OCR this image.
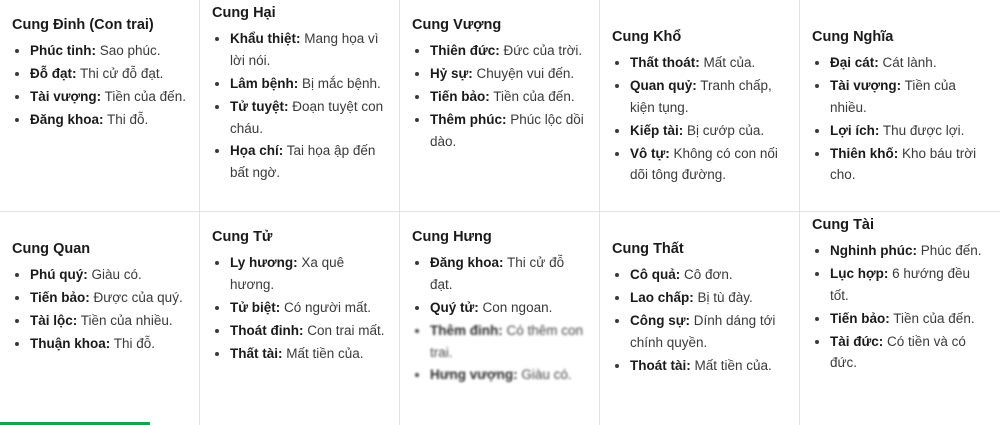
Cung Đinh (Con trai)
• Phúc tinh: Sao phúc.
• Đỗ đạt: Thi cử đỗ đạt.
• Tài vượng: Tiền của đến.
• Đăng khoa: Thi đỗ.
Cung Hại
• Khẩu thiệt: Mang họa vì lời nói.
• Lâm bệnh: Bị mắc bệnh.
• Tử tuyệt: Đoạn tuyệt con cháu.
• Họa chí: Tai họa ập đến bất ngờ.
Cung Vượng
• Thiên đức: Đức của trời.
• Hỷ sự: Chuyện vui đến.
• Tiến bảo: Tiền của đến.
• Thêm phúc: Phúc lộc dồi dào.
Cung Khổ
• Thất thoát: Mất của.
• Quan quỷ: Tranh chấp, kiện tụng.
• Kiếp tài: Bị cướp của.
• Vô tự: Không có con nối dõi tông đường.
Cung Nghĩa
• Đại cát: Cát lành.
• Tài vượng: Tiền của nhiều.
• Lợi ích: Thu được lợi.
• Thiên khố: Kho báu trời cho.
Cung Quan
• Phú quý: Giàu có.
• Tiến bảo: Được của quý.
• Tài lộc: Tiền của nhiều.
• Thuận khoa: Thi đỗ.
Cung Tử
• Ly hương: Xa quê hương.
• Tử biệt: Có người mất.
• Thoát đinh: Con trai mất.
• Thất tài: Mất tiền của.
Cung Hưng
• Đăng khoa: Thi cử đỗ đạt.
• Quý tử: Con ngoan.
• Thêm đinh: Có thêm con trai.
• Hưng vượng: Giàu có.
Cung Thất
• Cô quả: Cô đơn.
• Lao chấp: Bị tù đày.
• Công sự: Dính dáng tới chính quyền.
• Thoát tài: Mất tiền của.
Cung Tài
• Nghinh phúc: Phúc đến.
• Lục hợp: 6 hướng đều tốt.
• Tiến bảo: Tiền của đến.
• Tài đức: Có tiền và có đức.
